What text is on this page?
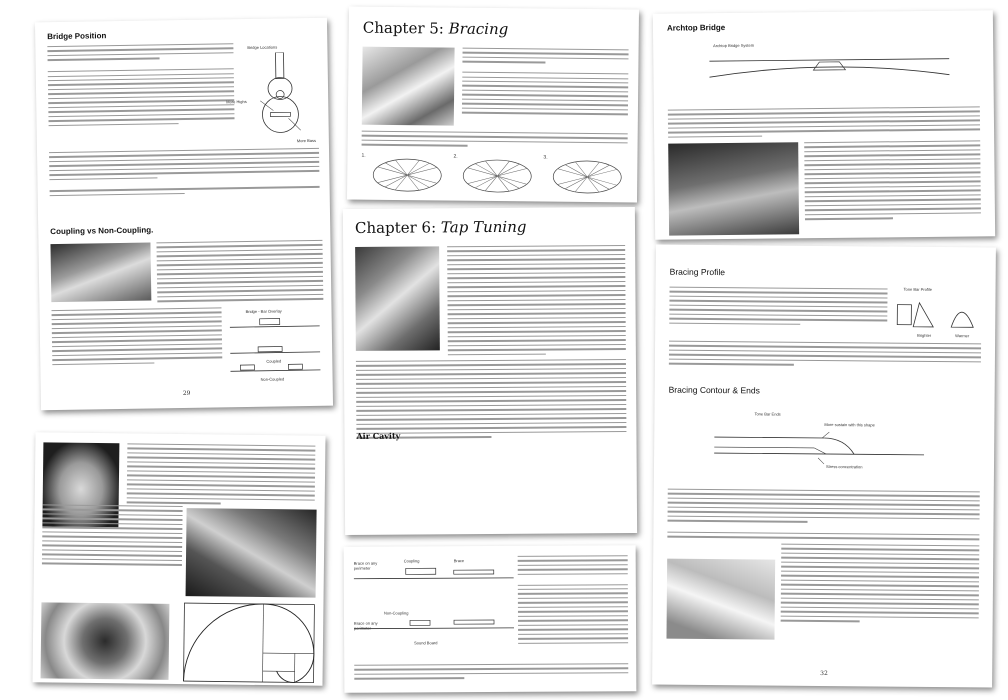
Bridge Position
Bridge Locations
More Highs
More Bass
Coupling vs Non-Coupling.
Bridge - Bar Overlay
Coupled
Non-Coupled
29
Chapter 5: Bracing
1.	2.	3.
Archtop Bridge
Archtop Bridge System
Chapter 6: Tap Tuning
Air Cavity
Bracing Profile
Tone Bar Profile
Brighter	Warmer
Bracing Contour & Ends
Tone Bar Ends
More sustain with this shape
Stress concentration
32
Brace on any perimeter
Coupling	Brace
Non-Coupling
Brace on any perimeter
Sound Board
